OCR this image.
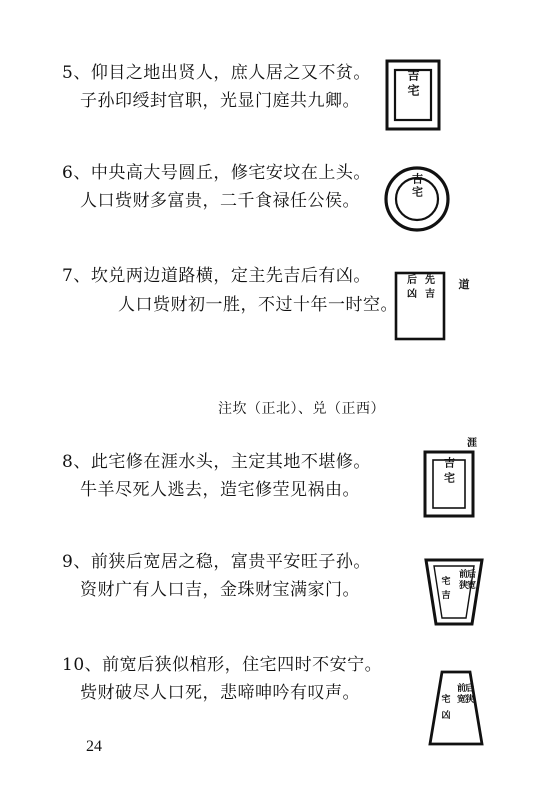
5、仰目之地出贤人，庶人居之又不贫。
子孙印绶封官职，光显门庭共九卿。
6、中央高大号圆丘，修宅安坟在上头。
人口赀财多富贵，二千食禄任公侯。
7、坎兑两边道路横，定主先吉后有凶。
人口赀财初一胜，不过十年一时空。
注坎（正北）、兑（正西）
8、此宅修在涯水头，主定其地不堪修。
牛羊尽死人逃去，造宅修茔见祸由。
9、前狭后宽居之稳，富贵平安旺子孙。
资财广有人口吉，金珠财宝满家门。
10、前宽后狭似棺形，住宅四时不安宁。
赀财破尽人口死，悲啼呻吟有叹声。
吉宅
吉宅
后凶 先吉 道
涯
吉宅
宅
吉
前狭
后宽
宅
凶
前宽
后狭
24
